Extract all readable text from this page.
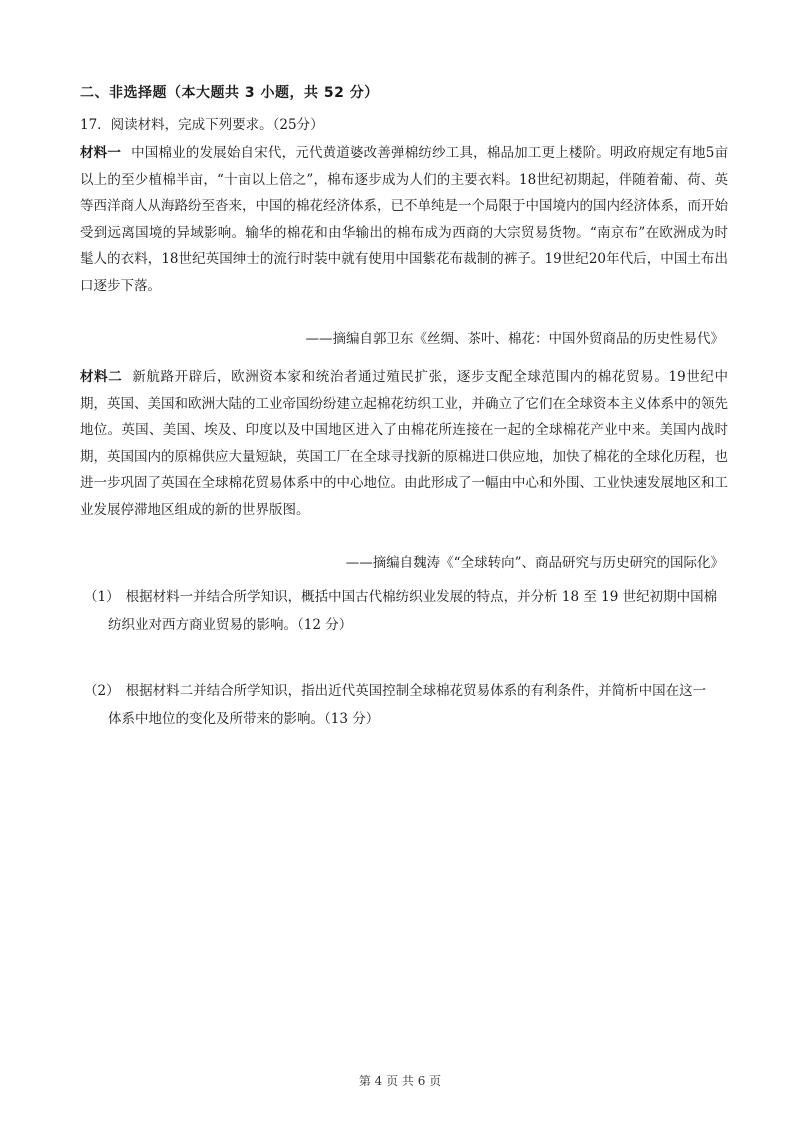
二、非选择题（本大题共 3 小题，共 52 分）
17．阅读材料，完成下列要求。（25分）
材料一 中国棉业的发展始自宋代，元代黄道婆改善弹棉纺纱工具，棉品加工更上楼阶。明政府规定有地5亩以上的至少植棉半亩，“十亩以上倍之”，棉布逐步成为人们的主要衣料。18世纪初期起，伴随着葡、荷、英等西洋商人从海路纷至沓来，中国的棉花经济体系，已不单纯是一个局限于中国境内的国内经济体系，而开始受到远离国境的异域影响。输华的棉花和由华输出的棉布成为西商的大宗贸易货物。“南京布”在欧洲成为时髦人的衣料，18世纪英国绅士的流行时装中就有使用中国紫花布裁制的裤子。19世纪20年代后，中国土布出口逐步下落。
——摘编自郭卫东《丝绸、茶叶、棉花：中国外贸商品的历史性易代》
材料二 新航路开辟后，欧洲资本家和统治者通过殖民扩张，逐步支配全球范围内的棉花贸易。19世纪中期，英国、美国和欧洲大陆的工业帝国纷纷建立起棉花纺织工业，并确立了它们在全球资本主义体系中的领先地位。英国、美国、埃及、印度以及中国地区进入了由棉花所连接在一起的全球棉花产业中来。美国内战时期，英国国内的原棉供应大量短缺，英国工厂在全球寻找新的原棉进口供应地，加快了棉花的全球化历程，也进一步巩固了英国在全球棉花贸易体系中的中心地位。由此形成了一幅由中心和外围、工业快速发展地区和工业发展停滞地区组成的新的世界版图。
——摘编自魏涛《“全球转向”、商品研究与历史研究的国际化》
（1） 根据材料一并结合所学知识，概括中国古代棉纺织业发展的特点，并分析 18 至 19 世纪初期中国棉
纺织业对西方商业贸易的影响。（12 分）
（2） 根据材料二并结合所学知识，指出近代英国控制全球棉花贸易体系的有利条件，并简析中国在这一
体系中地位的变化及所带来的影响。（13 分）
第 4 页 共 6 页
